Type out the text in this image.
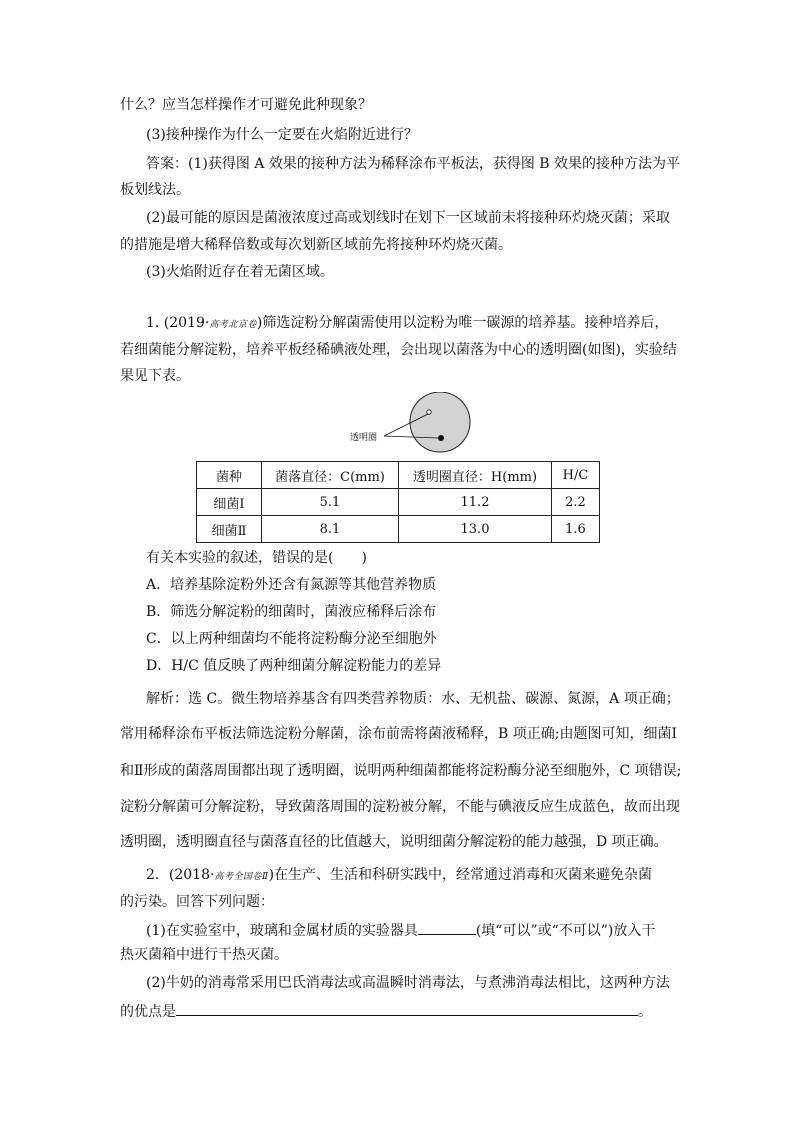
什么？应当怎样操作才可避免此种现象？
(3)接种操作为什么一定要在火焰附近进行？
答案：(1)获得图 A 效果的接种方法为稀释涂布平板法，获得图 B 效果的接种方法为平
板划线法。
(2)最可能的原因是菌液浓度过高或划线时在划下一区域前未将接种环灼烧灭菌；采取
的措施是增大稀释倍数或每次划新区域前先将接种环灼烧灭菌。
(3)火焰附近存在着无菌区域。
1. (2019·高考北京卷)筛选淀粉分解菌需使用以淀粉为唯一碳源的培养基。接种培养后，
若细菌能分解淀粉，培养平板经稀碘液处理，会出现以菌落为中心的透明圈(如图)，实验结
果见下表。
透明圈
菌种	菌落直径：C(mm)	透明圈直径：H(mm)	H/C
细菌Ⅰ	5.1	11.2	2.2
细菌Ⅱ	8.1	13.0	1.6
有关本实验的叙述，错误的是(　　)
A．培养基除淀粉外还含有氮源等其他营养物质
B．筛选分解淀粉的细菌时，菌液应稀释后涂布
C．以上两种细菌均不能将淀粉酶分泌至细胞外
D．H/C 值反映了两种细菌分解淀粉能力的差异
解析：选 C。微生物培养基含有四类营养物质：水、无机盐、碳源、氮源，A 项正确；
常用稀释涂布平板法筛选淀粉分解菌，涂布前需将菌液稀释，B 项正确;由题图可知，细菌Ⅰ
和Ⅱ形成的菌落周围都出现了透明圈，说明两种细菌都能将淀粉酶分泌至细胞外，C 项错误;
淀粉分解菌可分解淀粉，导致菌落周围的淀粉被分解，不能与碘液反应生成蓝色，故而出现
透明圈，透明圈直径与菌落直径的比值越大，说明细菌分解淀粉的能力越强，D 项正确。
2．(2018·高考全国卷Ⅱ)在生产、生活和科研实践中，经常通过消毒和灭菌来避免杂菌
的污染。回答下列问题：
(1)在实验室中，玻璃和金属材质的实验器具	(填“可以”或“不可以”)放入干
热灭菌箱中进行干热灭菌。
(2)牛奶的消毒常采用巴氏消毒法或高温瞬时消毒法，与煮沸消毒法相比，这两种方法
的优点是	。
